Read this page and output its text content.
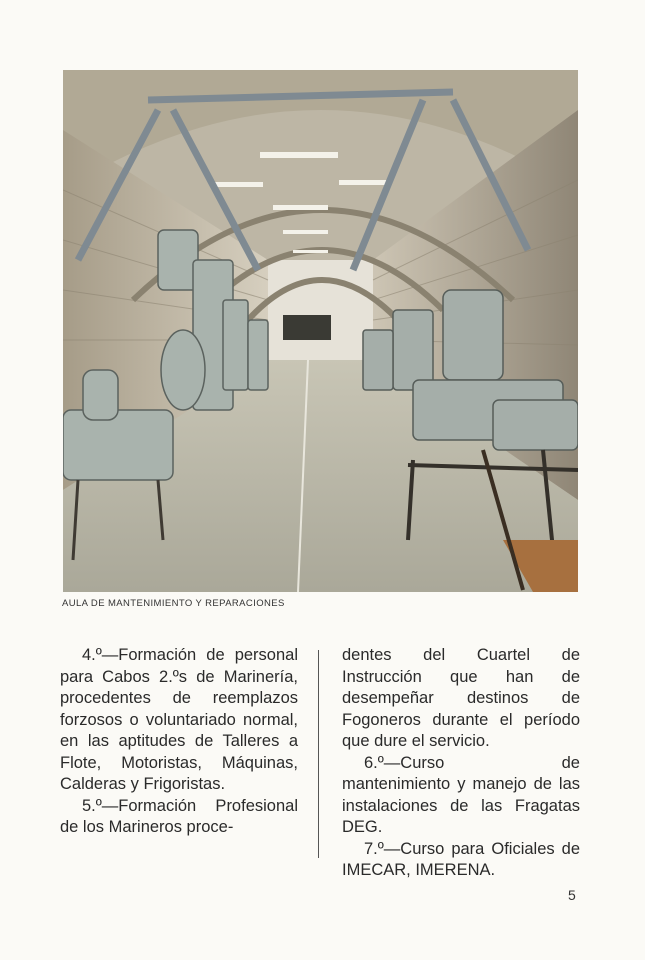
AULA DE MANTENIMIENTO Y REPARACIONES

4.º—Formación de personal para Cabos 2.ºs de Marinería, procedentes de reemplazos forzosos o voluntariado normal, en las aptitudes de Talleres a Flote, Motoristas, Máquinas, Calderas y Frigoristas.

5.º—Formación Profesional de los Marineros proce-

dentes del Cuartel de Instrucción que han de desempeñar destinos de Fogoneros durante el período que dure el servicio.

6.º—Curso de mantenimiento y manejo de las instalaciones de las Fragatas DEG.

7.º—Curso para Oficiales de IMECAR, IMERENA.

5
